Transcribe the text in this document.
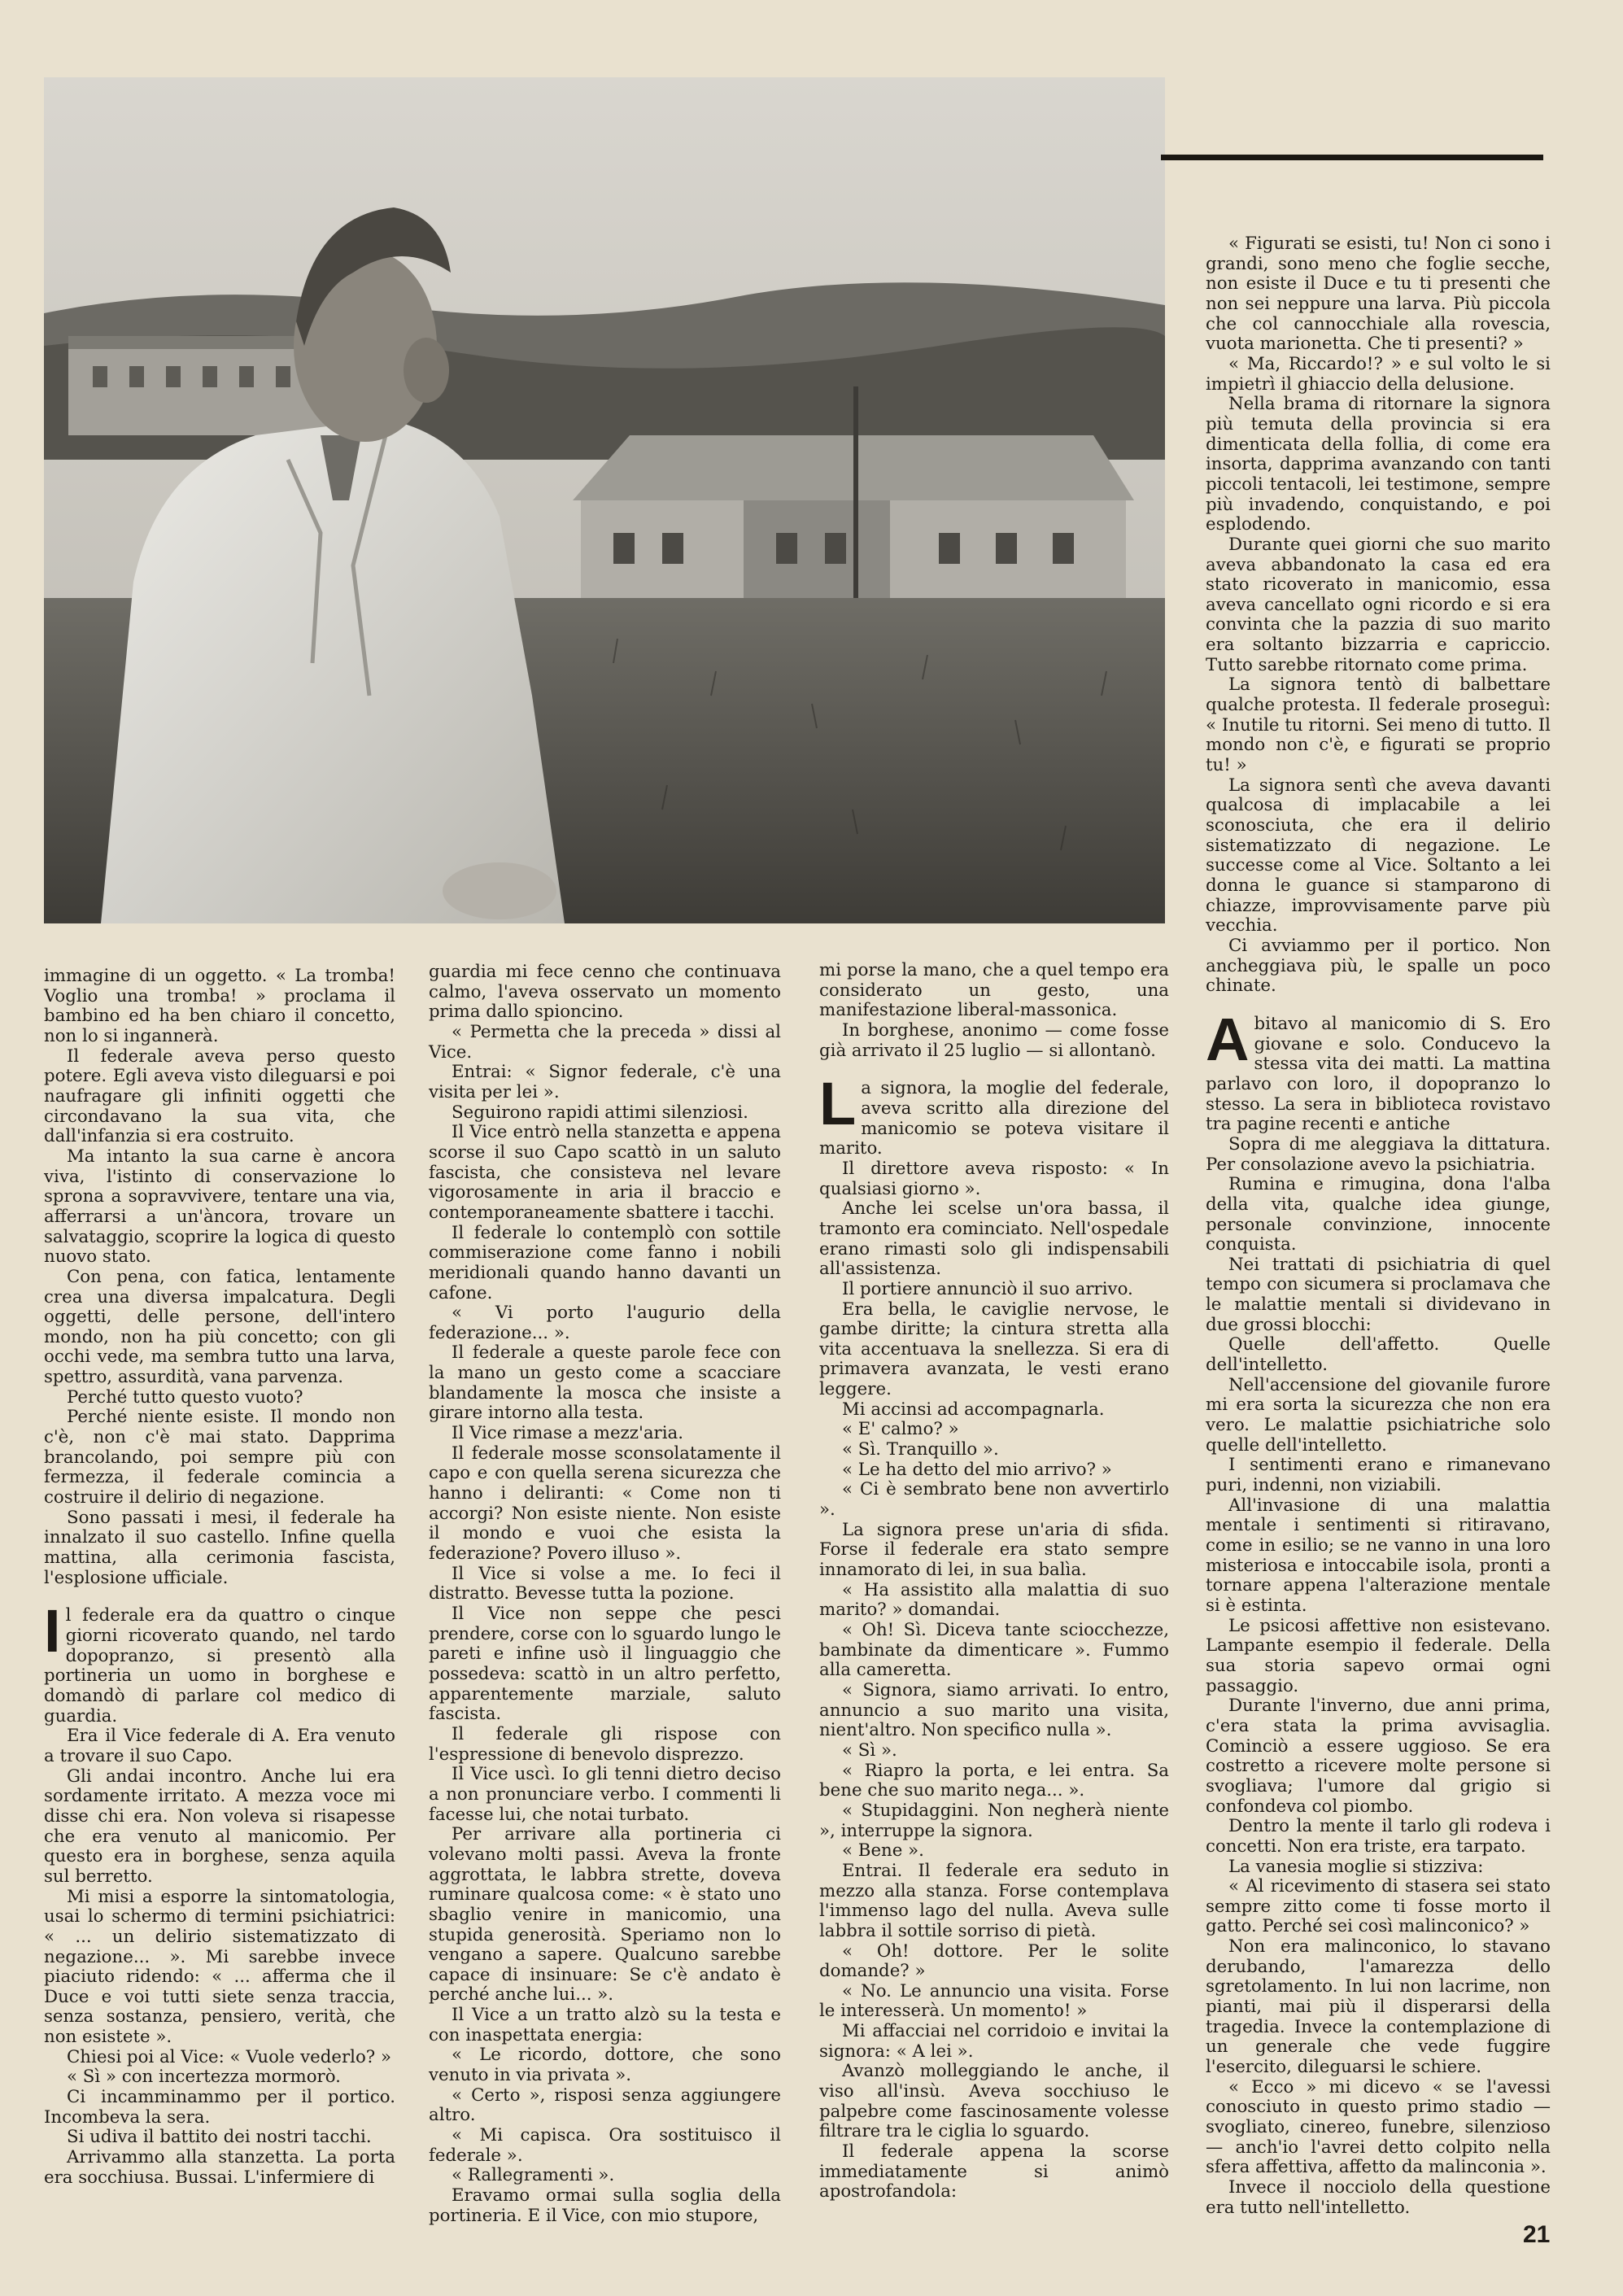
immagine di un oggetto. « La tromba! Voglio una tromba! » proclama il bambino ed ha ben chiaro il concetto, non lo si ingannerà.

Il federale aveva perso questo potere. Egli aveva visto dileguarsi e poi naufragare gli infiniti oggetti che circondavano la sua vita, che dall'infanzia si era costruito.

Ma intanto la sua carne è ancora viva, l'istinto di conservazione lo sprona a sopravvivere, tentare una via, afferrarsi a un'àncora, trovare un salvataggio, scoprire la logica di questo nuovo stato.

Con pena, con fatica, lentamente crea una diversa impalcatura. Degli oggetti, delle persone, dell'intero mondo, non ha più concetto; con gli occhi vede, ma sembra tutto una larva, spettro, assurdità, vana parvenza.

Perché tutto questo vuoto?

Perché niente esiste. Il mondo non c'è, non c'è mai stato. Dapprima brancolando, poi sempre più con fermezza, il federale comincia a costruire il delirio di negazione.

Sono passati i mesi, il federale ha innalzato il suo castello. Infine quella mattina, alla cerimonia fascista, l'esplosione ufficiale.

Il federale era da quattro o cinque giorni ricoverato quando, nel tardo dopopranzo, si presentò alla portineria un uomo in borghese e domandò di parlare col medico di guardia.

Era il Vice federale di A. Era venuto a trovare il suo Capo.

Gli andai incontro. Anche lui era sordamente irritato. A mezza voce mi disse chi era. Non voleva si risapesse che era venuto al manicomio. Per questo era in borghese, senza aquila sul berretto.

Mi misi a esporre la sintomatologia, usai lo schermo di termini psichiatrici: « ... un delirio sistematizzato di negazione... ». Mi sarebbe invece piaciuto ridendo: « ... afferma che il Duce e voi tutti siete senza traccia, senza sostanza, pensiero, verità, che non esistete ».

Chiesi poi al Vice: « Vuole vederlo? »

« Sì » con incertezza mormorò.

Ci incamminammo per il portico. Incombeva la sera.

Si udiva il battito dei nostri tacchi.

Arrivammo alla stanzetta. La porta era socchiusa. Bussai. L'infermiere di

guardia mi fece cenno che continuava calmo, l'aveva osservato un momento prima dallo spioncino.

« Permetta che la preceda » dissi al Vice.

Entrai: « Signor federale, c'è una visita per lei ».

Seguirono rapidi attimi silenziosi.

Il Vice entrò nella stanzetta e appena scorse il suo Capo scattò in un saluto fascista, che consisteva nel levare vigorosamente in aria il braccio e contemporaneamente sbattere i tacchi.

Il federale lo contemplò con sottile commiserazione come fanno i nobili meridionali quando hanno davanti un cafone.

« Vi porto l'augurio della federazione... ».

Il federale a queste parole fece con la mano un gesto come a scacciare blandamente la mosca che insiste a girare intorno alla testa.

Il Vice rimase a mezz'aria.

Il federale mosse sconsolatamente il capo e con quella serena sicurezza che hanno i deliranti: « Come non ti accorgi? Non esiste niente. Non esiste il mondo e vuoi che esista la federazione? Povero illuso ».

Il Vice si volse a me. Io feci il distratto. Bevesse tutta la pozione.

Il Vice non seppe che pesci prendere, corse con lo sguardo lungo le pareti e infine usò il linguaggio che possedeva: scattò in un altro perfetto, apparentemente marziale, saluto fascista.

Il federale gli rispose con l'espressione di benevolo disprezzo.

Il Vice uscì. Io gli tenni dietro deciso a non pronunciare verbo. I commenti li facesse lui, che notai turbato.

Per arrivare alla portineria ci volevano molti passi. Aveva la fronte aggrottata, le labbra strette, doveva ruminare qualcosa come: « è stato uno sbaglio venire in manicomio, una stupida generosità. Speriamo non lo vengano a sapere. Qualcuno sarebbe capace di insinuare: Se c'è andato è perché anche lui... ».

Il Vice a un tratto alzò su la testa e con inaspettata energia:

« Le ricordo, dottore, che sono venuto in via privata ».

« Certo », risposi senza aggiungere altro.

« Mi capisca. Ora sostituisco il federale ».

« Rallegramenti ».

Eravamo ormai sulla soglia della portineria. E il Vice, con mio stupore,

mi porse la mano, che a quel tempo era considerato un gesto, una manifestazione liberal-massonica.

In borghese, anonimo — come fosse già arrivato il 25 luglio — si allontanò.

La signora, la moglie del federale, aveva scritto alla direzione del manicomio se poteva visitare il marito.

Il direttore aveva risposto: « In qualsiasi giorno ».

Anche lei scelse un'ora bassa, il tramonto era cominciato. Nell'ospedale erano rimasti solo gli indispensabili all'assistenza.

Il portiere annunciò il suo arrivo.

Era bella, le caviglie nervose, le gambe diritte; la cintura stretta alla vita accentuava la snellezza. Si era di primavera avanzata, le vesti erano leggere.

Mi accinsi ad accompagnarla.

« E' calmo? »

« Sì. Tranquillo ».

« Le ha detto del mio arrivo? »

« Ci è sembrato bene non avvertirlo ».

La signora prese un'aria di sfida. Forse il federale era stato sempre innamorato di lei, in sua balìa.

« Ha assistito alla malattia di suo marito? » domandai.

« Oh! Sì. Diceva tante sciocchezze, bambinate da dimenticare ». Fummo alla cameretta.

« Signora, siamo arrivati. Io entro, annuncio a suo marito una visita, nient'altro. Non specifico nulla ».

« Sì ».

« Riapro la porta, e lei entra. Sa bene che suo marito nega... ».

« Stupidaggini. Non negherà niente », interruppe la signora.

« Bene ».

Entrai. Il federale era seduto in mezzo alla stanza. Forse contemplava l'immenso lago del nulla. Aveva sulle labbra il sottile sorriso di pietà.

« Oh! dottore. Per le solite domande? »

« No. Le annuncio una visita. Forse le interesserà. Un momento! »

Mi affacciai nel corridoio e invitai la signora: « A lei ».

Avanzò molleggiando le anche, il viso all'insù. Aveva socchiuso le palpebre come fascinosamente volesse filtrare tra le ciglia lo sguardo.

Il federale appena la scorse immediatamente si animò apostrofandola:

« Figurati se esisti, tu! Non ci sono i grandi, sono meno che foglie secche, non esiste il Duce e tu ti presenti che non sei neppure una larva. Più piccola che col cannocchiale alla rovescia, vuota marionetta. Che ti presenti? »

« Ma, Riccardo!? » e sul volto le si impietrì il ghiaccio della delusione.

Nella brama di ritornare la signora più temuta della provincia si era dimenticata della follia, di come era insorta, dapprima avanzando con tanti piccoli tentacoli, lei testimone, sempre più invadendo, conquistando, e poi esplodendo.

Durante quei giorni che suo marito aveva abbandonato la casa ed era stato ricoverato in manicomio, essa aveva cancellato ogni ricordo e si era convinta che la pazzia di suo marito era soltanto bizzarria e capriccio. Tutto sarebbe ritornato come prima.

La signora tentò di balbettare qualche protesta. Il federale proseguì: « Inutile tu ritorni. Sei meno di tutto. Il mondo non c'è, e figurati se proprio tu! »

La signora sentì che aveva davanti qualcosa di implacabile a lei sconosciuta, che era il delirio sistematizzato di negazione. Le successe come al Vice. Soltanto a lei donna le guance si stamparono di chiazze, improvvisamente parve più vecchia.

Ci avviammo per il portico. Non ancheggiava più, le spalle un poco chinate.

Abitavo al manicomio di S. Ero giovane e solo. Conducevo la stessa vita dei matti. La mattina parlavo con loro, il dopopranzo lo stesso. La sera in biblioteca rovistavo tra pagine recenti e antiche

Sopra di me aleggiava la dittatura. Per consolazione avevo la psichiatria.

Rumina e rimugina, dona l'alba della vita, qualche idea giunge, personale convinzione, innocente conquista.

Nei trattati di psichiatria di quel tempo con sicumera si proclamava che le malattie mentali si dividevano in due grossi blocchi:

Quelle dell'affetto. Quelle dell'intelletto.

Nell'accensione del giovanile furore mi era sorta la sicurezza che non era vero. Le malattie psichiatriche solo quelle dell'intelletto.

I sentimenti erano e rimanevano puri, indenni, non viziabili.

All'invasione di una malattia mentale i sentimenti si ritiravano, come in esilio; se ne vanno in una loro misteriosa e intoccabile isola, pronti a tornare appena l'alterazione mentale si è estinta.

Le psicosi affettive non esistevano. Lampante esempio il federale. Della sua storia sapevo ormai ogni passaggio.

Durante l'inverno, due anni prima, c'era stata la prima avvisaglia. Cominciò a essere uggioso. Se era costretto a ricevere molte persone si svogliava; l'umore dal grigio si confondeva col piombo.

Dentro la mente il tarlo gli rodeva i concetti. Non era triste, era tarpato.

La vanesia moglie si stizziva:

« Al ricevimento di stasera sei stato sempre zitto come ti fosse morto il gatto. Perché sei così malinconico? »

Non era malinconico, lo stavano derubando, l'amarezza dello sgretolamento. In lui non lacrime, non pianti, mai più il disperarsi della tragedia. Invece la contemplazione di un generale che vede fuggire l'esercito, dileguarsi le schiere.

« Ecco » mi dicevo « se l'avessi conosciuto in questo primo stadio — svogliato, cinereo, funebre, silenzioso — anch'io l'avrei detto colpito nella sfera affettiva, affetto da malinconia ».

Invece il nocciolo della questione era tutto nell'intelletto.

21
